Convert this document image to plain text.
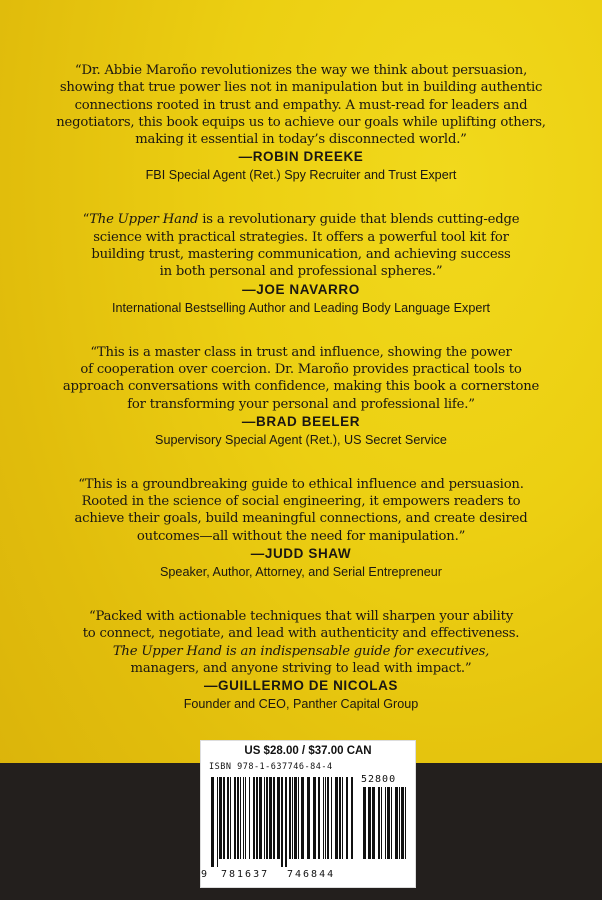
“Dr. Abbie Maroño revolutionizes the way we think about persuasion,
showing that true power lies not in manipulation but in building authentic
connections rooted in trust and empathy. A must-read for leaders and
negotiators, this book equips us to achieve our goals while uplifting others,
making it essential in today’s disconnected world.”

—ROBIN DREEKE
FBI Special Agent (Ret.) Spy Recruiter and Trust Expert

“The Upper Hand is a revolutionary guide that blends cutting-edge
science with practical strategies. It offers a powerful tool kit for
building trust, mastering communication, and achieving success
in both personal and professional spheres.”

—JOE NAVARRO
International Bestselling Author and Leading Body Language Expert

“This is a master class in trust and influence, showing the power
of cooperation over coercion. Dr. Maroño provides practical tools to
approach conversations with confidence, making this book a cornerstone
for transforming your personal and professional life.”

—BRAD BEELER
Supervisory Special Agent (Ret.), US Secret Service

“This is a groundbreaking guide to ethical influence and persuasion.
Rooted in the science of social engineering, it empowers readers to
achieve their goals, build meaningful connections, and create desired
outcomes—all without the need for manipulation.”

—JUDD SHAW
Speaker, Author, Attorney, and Serial Entrepreneur

“Packed with actionable techniques that will sharpen your ability
to connect, negotiate, and lead with authenticity and effectiveness.
The Upper Hand is an indispensable guide for executives,
managers, and anyone striving to lead with impact.”

—GUILLERMO DE NICOLAS
Founder and CEO, Panther Capital Group
US $28.00 / $37.00 CAN
ISBN 978-1-637746-84-4
52800
9 781637 746844
